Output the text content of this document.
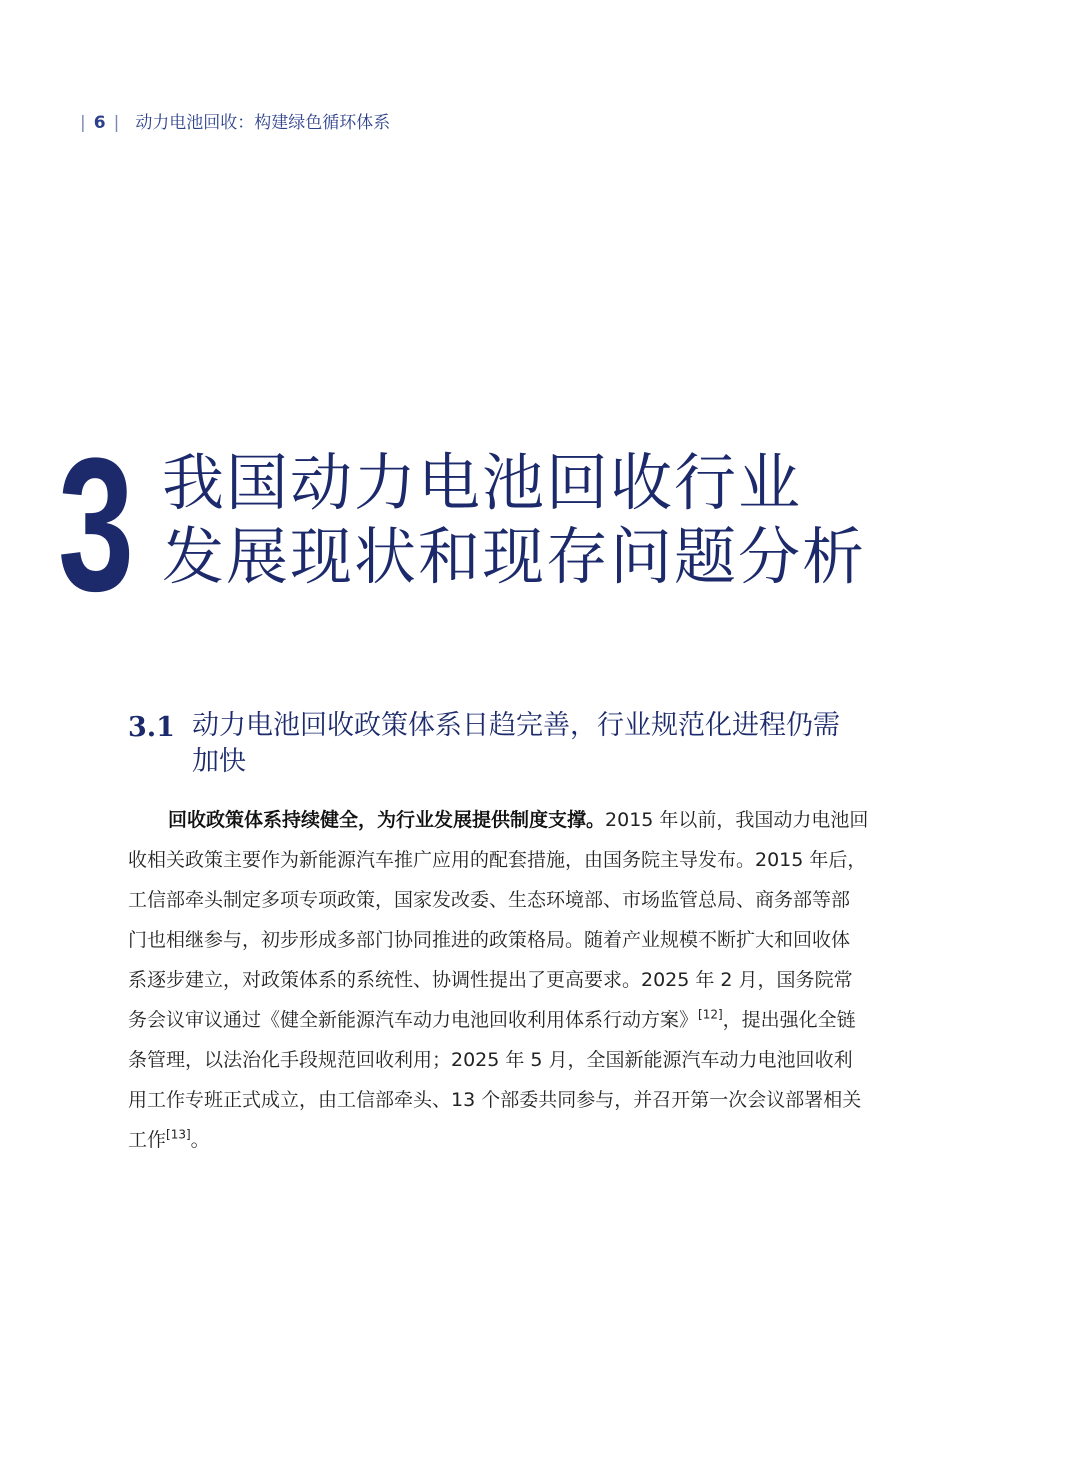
| 6 | 动力电池回收：构建绿色循环体系
3 我国动力电池回收行业
发展现状和现存问题分析
3.1 动力电池回收政策体系日趋完善，行业规范化进程仍需
加快
回收政策体系持续健全，为行业发展提供制度支撑。2015 年以前，我国动力电池回
收相关政策主要作为新能源汽车推广应用的配套措施，由国务院主导发布。2015 年后，
工信部牵头制定多项专项政策，国家发改委、生态环境部、市场监管总局、商务部等部
门也相继参与，初步形成多部门协同推进的政策格局。随着产业规模不断扩大和回收体
系逐步建立，对政策体系的系统性、协调性提出了更高要求。2025 年 2 月，国务院常
务会议审议通过《健全新能源汽车动力电池回收利用体系行动方案》[12]，提出强化全链
条管理，以法治化手段规范回收利用；2025 年 5 月，全国新能源汽车动力电池回收利
用工作专班正式成立，由工信部牵头、13 个部委共同参与，并召开第一次会议部署相关
工作[13]。
